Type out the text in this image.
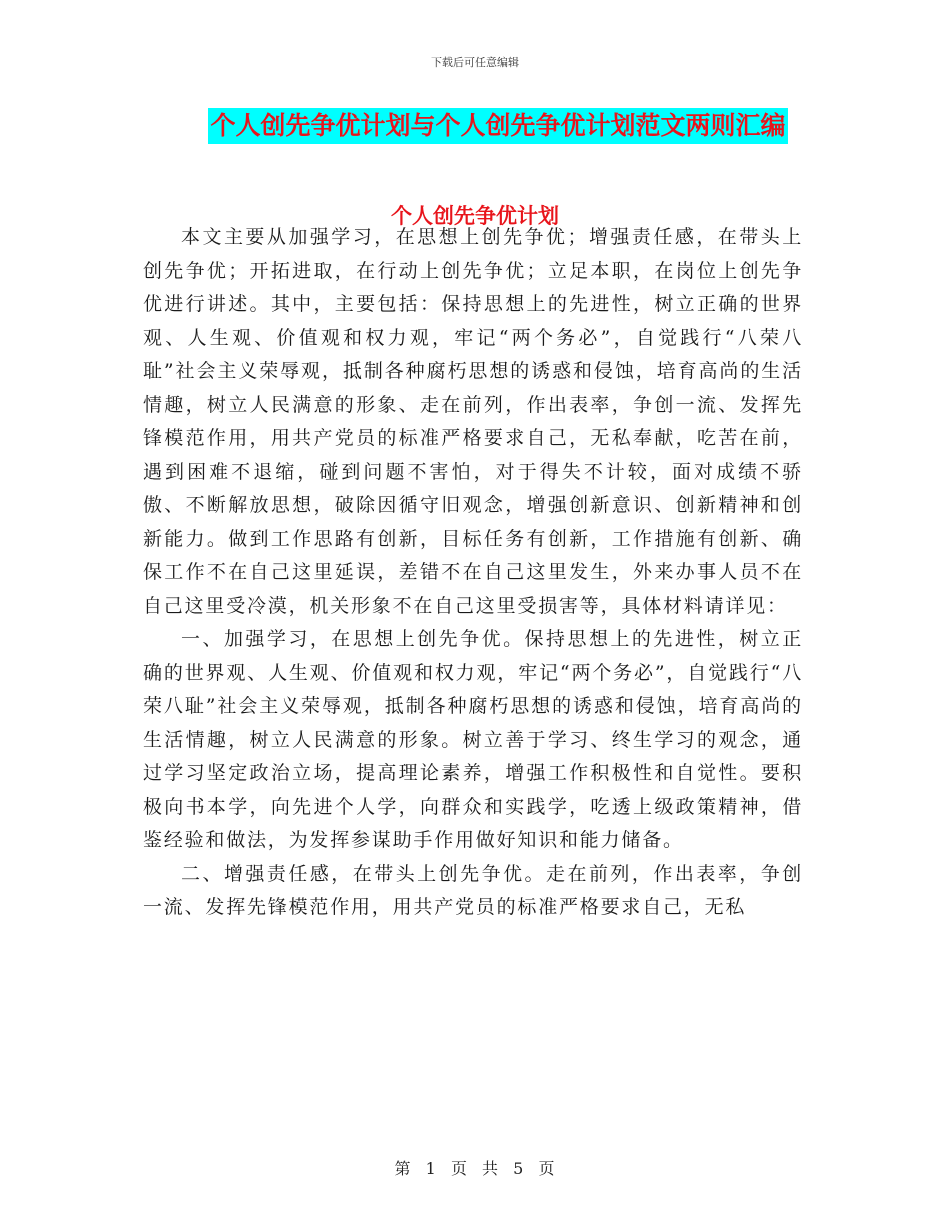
下载后可任意编辑
个人创先争优计划与个人创先争优计划范文两则汇编
个人创先争优计划

本文主要从加强学习，在思想上创先争优；增强责任感，在带头上创先争优；开拓进取，在行动上创先争优；立足本职，在岗位上创先争优进行讲述。其中，主要包括：保持思想上的先进性，树立正确的世界观、人生观、价值观和权力观，牢记“两个务必”，自觉践行“八荣八耻”社会主义荣辱观，抵制各种腐朽思想的诱惑和侵蚀，培育高尚的生活情趣，树立人民满意的形象、走在前列，作出表率，争创一流、发挥先锋模范作用，用共产党员的标准严格要求自己，无私奉献，吃苦在前，遇到困难不退缩，碰到问题不害怕，对于得失不计较，面对成绩不骄傲、不断解放思想，破除因循守旧观念，增强创新意识、创新精神和创新能力。做到工作思路有创新，目标任务有创新，工作措施有创新、确保工作不在自己这里延误，差错不在自己这里发生，外来办事人员不在自己这里受冷漠，机关形象不在自己这里受损害等，具体材料请详见：

一、加强学习，在思想上创先争优。保持思想上的先进性，树立正确的世界观、人生观、价值观和权力观，牢记“两个务必”，自觉践行“八荣八耻”社会主义荣辱观，抵制各种腐朽思想的诱惑和侵蚀，培育高尚的生活情趣，树立人民满意的形象。树立善于学习、终生学习的观念，通过学习坚定政治立场，提高理论素养，增强工作积极性和自觉性。要积极向书本学，向先进个人学，向群众和实践学，吃透上级政策精神，借鉴经验和做法，为发挥参谋助手作用做好知识和能力储备。

二、增强责任感，在带头上创先争优。走在前列，作出表率，争创一流、发挥先锋模范作用，用共产党员的标准严格要求自己，无私

第 1 页 共 5 页
